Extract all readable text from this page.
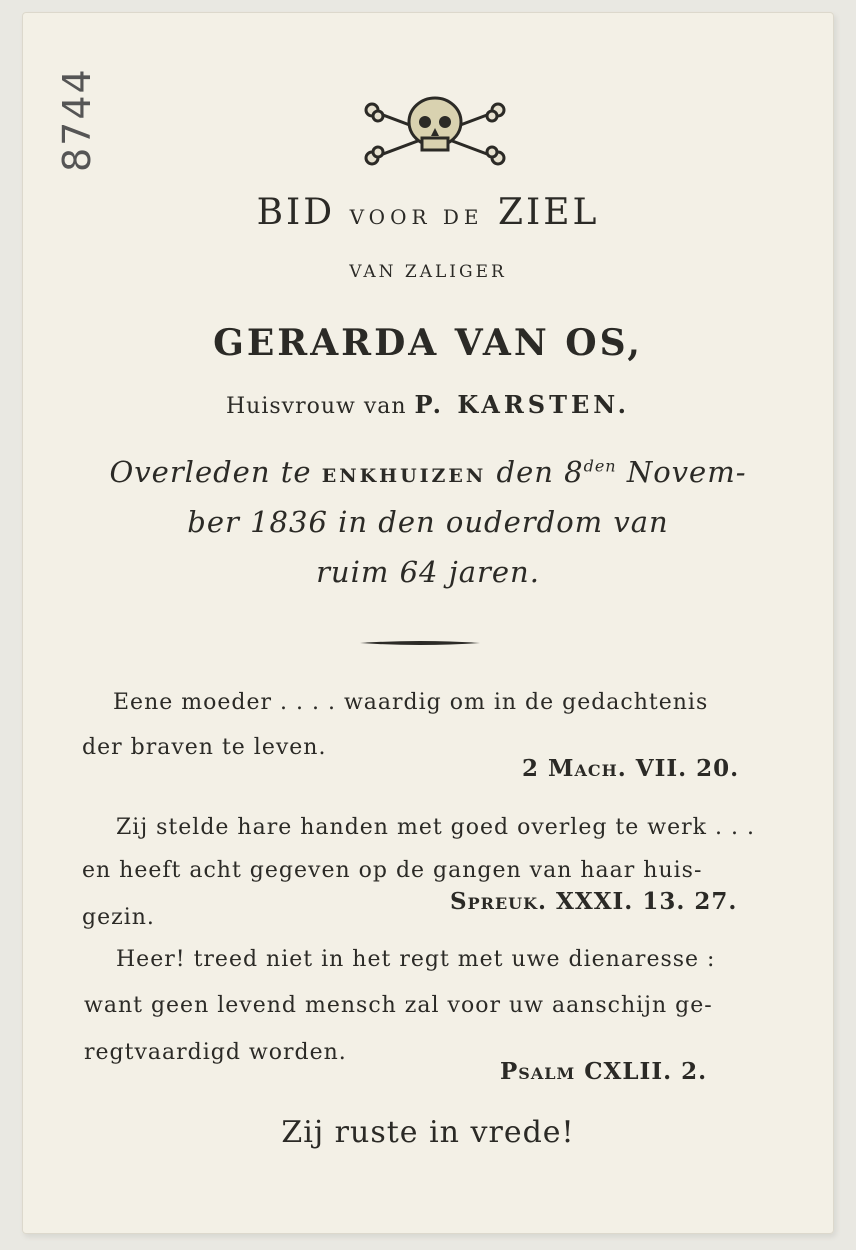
8744
BID VOOR DE ZIEL
VAN ZALIGER
GERARDA VAN OS,
Huisvrouw van P. KARSTEN.
Overleden te ENKHUIZEN den $8^{den}$ Novem-
ber 1836 in den ouderdom van
ruim 64 jaren.
Eene moeder . . . . waardig om in de gedachtenis
der braven te leven.
2 Mach. VII. 20.
Zij stelde hare handen met goed overleg te werk . . .
en heeft acht gegeven op de gangen van haar huis-
gezin.
Spreuk. XXXI. 13. 27.
Heer! treed niet in het regt met uwe dienaresse :
want geen levend mensch zal voor uw aanschijn ge-
regtvaardigd worden.
Psalm CXLII. 2.
Zij ruste in vrede!
